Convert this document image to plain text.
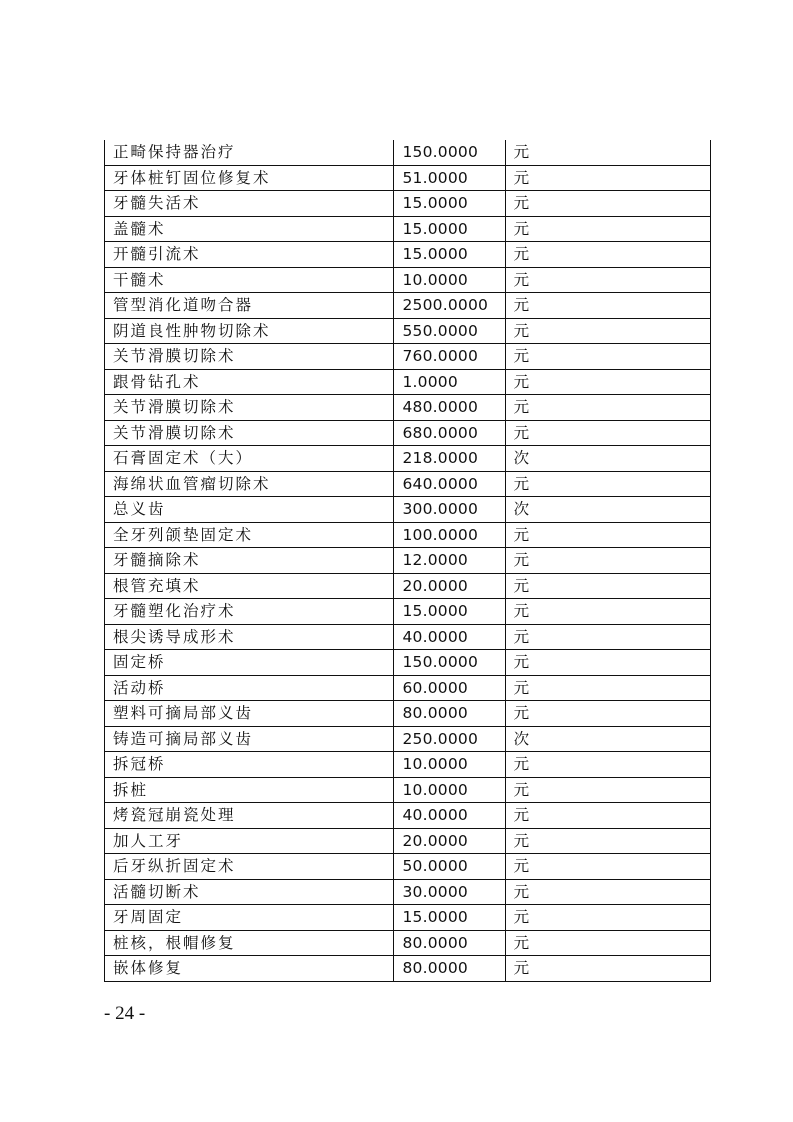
正畸保持器治疗	150.0000	元
牙体桩钉固位修复术	51.0000	元
牙髓失活术	15.0000	元
盖髓术	15.0000	元
开髓引流术	15.0000	元
干髓术	10.0000	元
管型消化道吻合器	2500.0000	元
阴道良性肿物切除术	550.0000	元
关节滑膜切除术	760.0000	元
跟骨钻孔术	1.0000	元
关节滑膜切除术	480.0000	元
关节滑膜切除术	680.0000	元
石膏固定术（大）	218.0000	次
海绵状血管瘤切除术	640.0000	元
总义齿	300.0000	次
全牙列颌垫固定术	100.0000	元
牙髓摘除术	12.0000	元
根管充填术	20.0000	元
牙髓塑化治疗术	15.0000	元
根尖诱导成形术	40.0000	元
固定桥	150.0000	元
活动桥	60.0000	元
塑料可摘局部义齿	80.0000	元
铸造可摘局部义齿	250.0000	次
拆冠桥	10.0000	元
拆桩	10.0000	元
烤瓷冠崩瓷处理	40.0000	元
加人工牙	20.0000	元
后牙纵折固定术	50.0000	元
活髓切断术	30.0000	元
牙周固定	15.0000	元
桩核，根帽修复	80.0000	元
嵌体修复	80.0000	元
- 24 -
